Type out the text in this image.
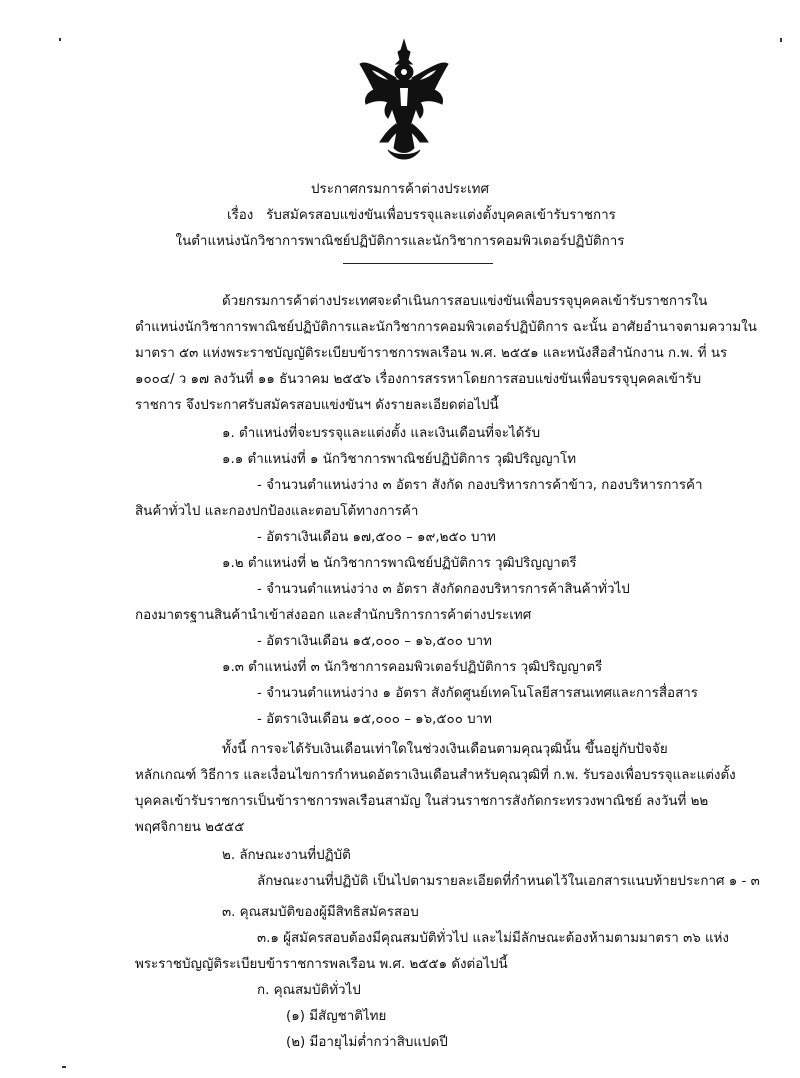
ประกาศกรมการค้าต่างประเทศ
เรื่อง รับสมัครสอบแข่งขันเพื่อบรรจุและแต่งตั้งบุคคลเข้ารับราชการ
ในตำแหน่งนักวิชาการพาณิชย์ปฏิบัติการและนักวิชาการคอมพิวเตอร์ปฏิบัติการ
ด้วยกรมการค้าต่างประเทศจะดำเนินการสอบแข่งขันเพื่อบรรจุบุคคลเข้ารับราชการใน
ตำแหน่งนักวิชาการพาณิชย์ปฏิบัติการและนักวิชาการคอมพิวเตอร์ปฏิบัติการ ฉะนั้น อาศัยอำนาจตามความใน
มาตรา ๕๓ แห่งพระราชบัญญัติระเบียบข้าราชการพลเรือน พ.ศ. ๒๕๕๑ และหนังสือสำนักงาน ก.พ. ที่ นร
๑๐๐๔/ ว ๑๗ ลงวันที่ ๑๑ ธันวาคม ๒๕๕๖ เรื่องการสรรหาโดยการสอบแข่งขันเพื่อบรรจุบุคคลเข้ารับ
ราชการ จึงประกาศรับสมัครสอบแข่งขันฯ ดังรายละเอียดต่อไปนี้
๑. ตำแหน่งที่จะบรรจุและแต่งตั้ง และเงินเดือนที่จะได้รับ
๑.๑ ตำแหน่งที่ ๑ นักวิชาการพาณิชย์ปฏิบัติการ วุฒิปริญญาโท
- จำนวนตำแหน่งว่าง ๓ อัตรา สังกัด กองบริหารการค้าข้าว, กองบริหารการค้า
สินค้าทั่วไป และกองปกป้องและตอบโต้ทางการค้า
- อัตราเงินเดือน ๑๗,๕๐๐ – ๑๙,๒๕๐ บาท
๑.๒ ตำแหน่งที่ ๒ นักวิชาการพาณิชย์ปฏิบัติการ วุฒิปริญญาตรี
- จำนวนตำแหน่งว่าง ๓ อัตรา สังกัดกองบริหารการค้าสินค้าทั่วไป
กองมาตรฐานสินค้านำเข้าส่งออก และสำนักบริการการค้าต่างประเทศ
- อัตราเงินเดือน ๑๕,๐๐๐ – ๑๖,๕๐๐ บาท
๑.๓ ตำแหน่งที่ ๓ นักวิชาการคอมพิวเตอร์ปฏิบัติการ วุฒิปริญญาตรี
- จำนวนตำแหน่งว่าง ๑ อัตรา สังกัดศูนย์เทคโนโลยีสารสนเทศและการสื่อสาร
- อัตราเงินเดือน ๑๕,๐๐๐ – ๑๖,๕๐๐ บาท
ทั้งนี้ การจะได้รับเงินเดือนเท่าใดในช่วงเงินเดือนตามคุณวุฒินั้น ขึ้นอยู่กับปัจจัย
หลักเกณฑ์ วิธีการ และเงื่อนไขการกำหนดอัตราเงินเดือนสำหรับคุณวุฒิที่ ก.พ. รับรองเพื่อบรรจุและแต่งตั้ง
บุคคลเข้ารับราชการเป็นข้าราชการพลเรือนสามัญ ในส่วนราชการสังกัดกระทรวงพาณิชย์ ลงวันที่ ๒๒
พฤศจิกายน ๒๕๕๕
๒. ลักษณะงานที่ปฏิบัติ
ลักษณะงานที่ปฏิบัติ เป็นไปตามรายละเอียดที่กำหนดไว้ในเอกสารแนบท้ายประกาศ ๑ - ๓
๓. คุณสมบัติของผู้มีสิทธิสมัครสอบ
๓.๑ ผู้สมัครสอบต้องมีคุณสมบัติทั่วไป และไม่มีลักษณะต้องห้ามตามมาตรา ๓๖ แห่ง
พระราชบัญญัติระเบียบข้าราชการพลเรือน พ.ศ. ๒๕๕๑ ดังต่อไปนี้
ก. คุณสมบัติทั่วไป
(๑) มีสัญชาติไทย
(๒) มีอายุไม่ต่ำกว่าสิบแปดปี
